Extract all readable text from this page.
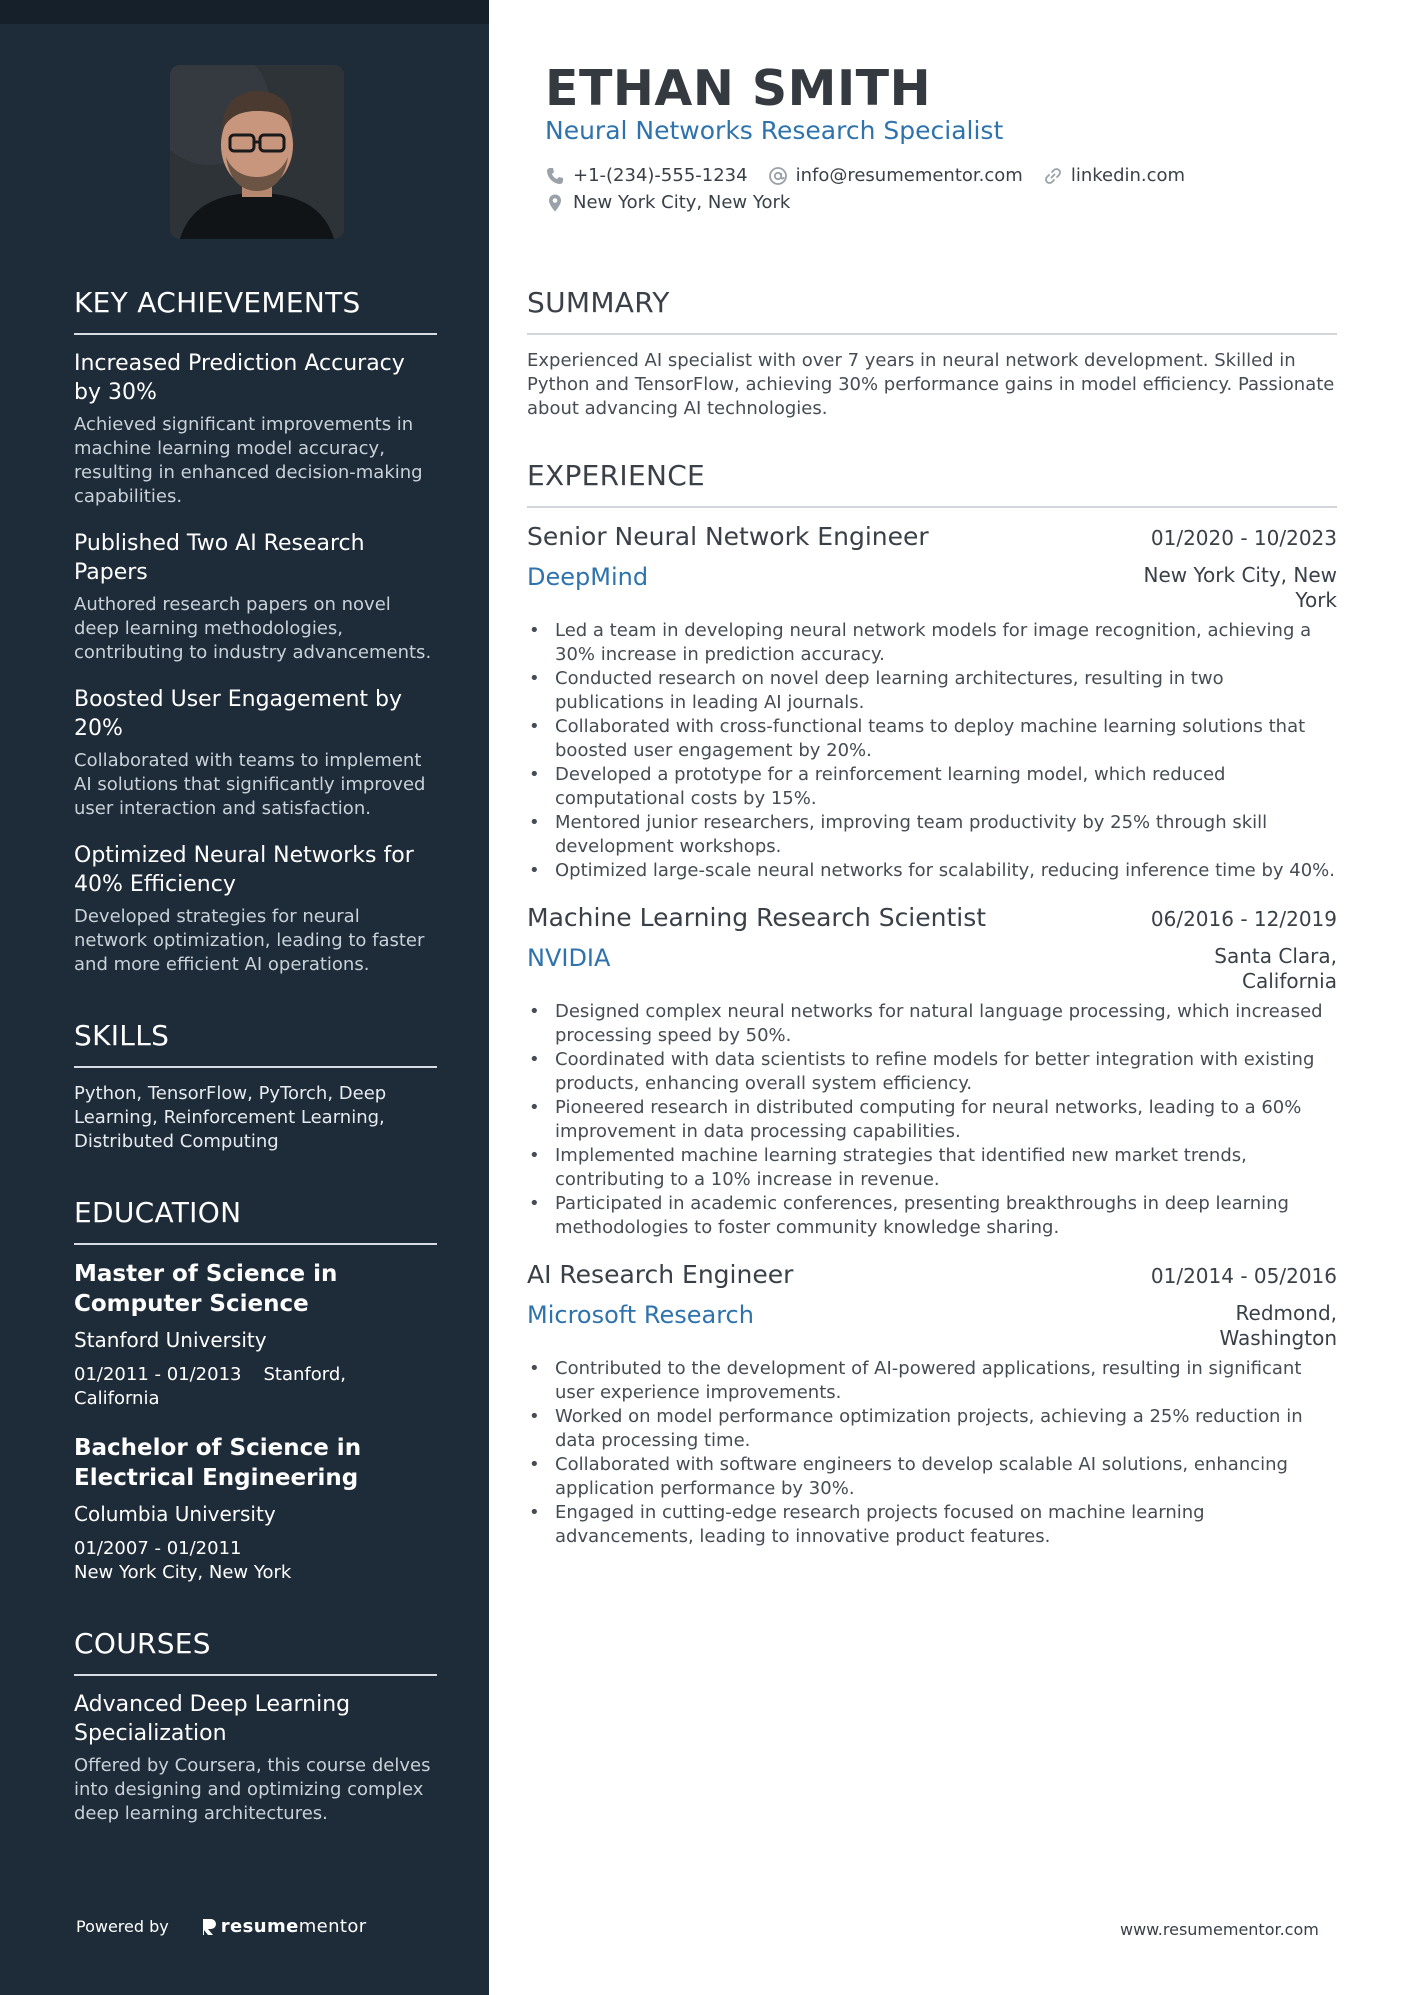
KEY ACHIEVEMENTS
Increased Prediction Accuracy by 30%
Achieved significant improvements in machine learning model accuracy, resulting in enhanced decision-making capabilities.
Published Two AI Research Papers
Authored research papers on novel deep learning methodologies, contributing to industry advancements.
Boosted User Engagement by 20%
Collaborated with teams to implement AI solutions that significantly improved user interaction and satisfaction.
Optimized Neural Networks for 40% Efficiency
Developed strategies for neural network optimization, leading to faster and more efficient AI operations.
SKILLS
Python, TensorFlow, PyTorch, Deep Learning, Reinforcement Learning, Distributed Computing
EDUCATION
Master of Science in Computer Science
Stanford University
01/2011 - 01/2013 Stanford, California
Bachelor of Science in Electrical Engineering
Columbia University
01/2007 - 01/2011
New York City, New York
COURSES
Advanced Deep Learning Specialization
Offered by Coursera, this course delves into designing and optimizing complex deep learning architectures.
Powered by	resume mentor
ETHAN SMITH
Neural Networks Research Specialist
+1-(234)-555-1234	info@resumementor.com	linkedin.com
New York City, New York
SUMMARY
Experienced AI specialist with over 7 years in neural network development. Skilled in Python and TensorFlow, achieving 30% performance gains in model efficiency. Passionate about advancing AI technologies.
EXPERIENCE
Senior Neural Network Engineer	01/2020 - 10/2023
DeepMind	New York City, New York
• Led a team in developing neural network models for image recognition, achieving a 30% increase in prediction accuracy.
• Conducted research on novel deep learning architectures, resulting in two publications in leading AI journals.
• Collaborated with cross-functional teams to deploy machine learning solutions that boosted user engagement by 20%.
• Developed a prototype for a reinforcement learning model, which reduced computational costs by 15%.
• Mentored junior researchers, improving team productivity by 25% through skill development workshops.
• Optimized large-scale neural networks for scalability, reducing inference time by 40%.
Machine Learning Research Scientist	06/2016 - 12/2019
NVIDIA	Santa Clara, California
• Designed complex neural networks for natural language processing, which increased processing speed by 50%.
• Coordinated with data scientists to refine models for better integration with existing products, enhancing overall system efficiency.
• Pioneered research in distributed computing for neural networks, leading to a 60% improvement in data processing capabilities.
• Implemented machine learning strategies that identified new market trends, contributing to a 10% increase in revenue.
• Participated in academic conferences, presenting breakthroughs in deep learning methodologies to foster community knowledge sharing.
AI Research Engineer	01/2014 - 05/2016
Microsoft Research	Redmond, Washington
• Contributed to the development of AI-powered applications, resulting in significant user experience improvements.
• Worked on model performance optimization projects, achieving a 25% reduction in data processing time.
• Collaborated with software engineers to develop scalable AI solutions, enhancing application performance by 30%.
• Engaged in cutting-edge research projects focused on machine learning advancements, leading to innovative product features.
www.resumementor.com
